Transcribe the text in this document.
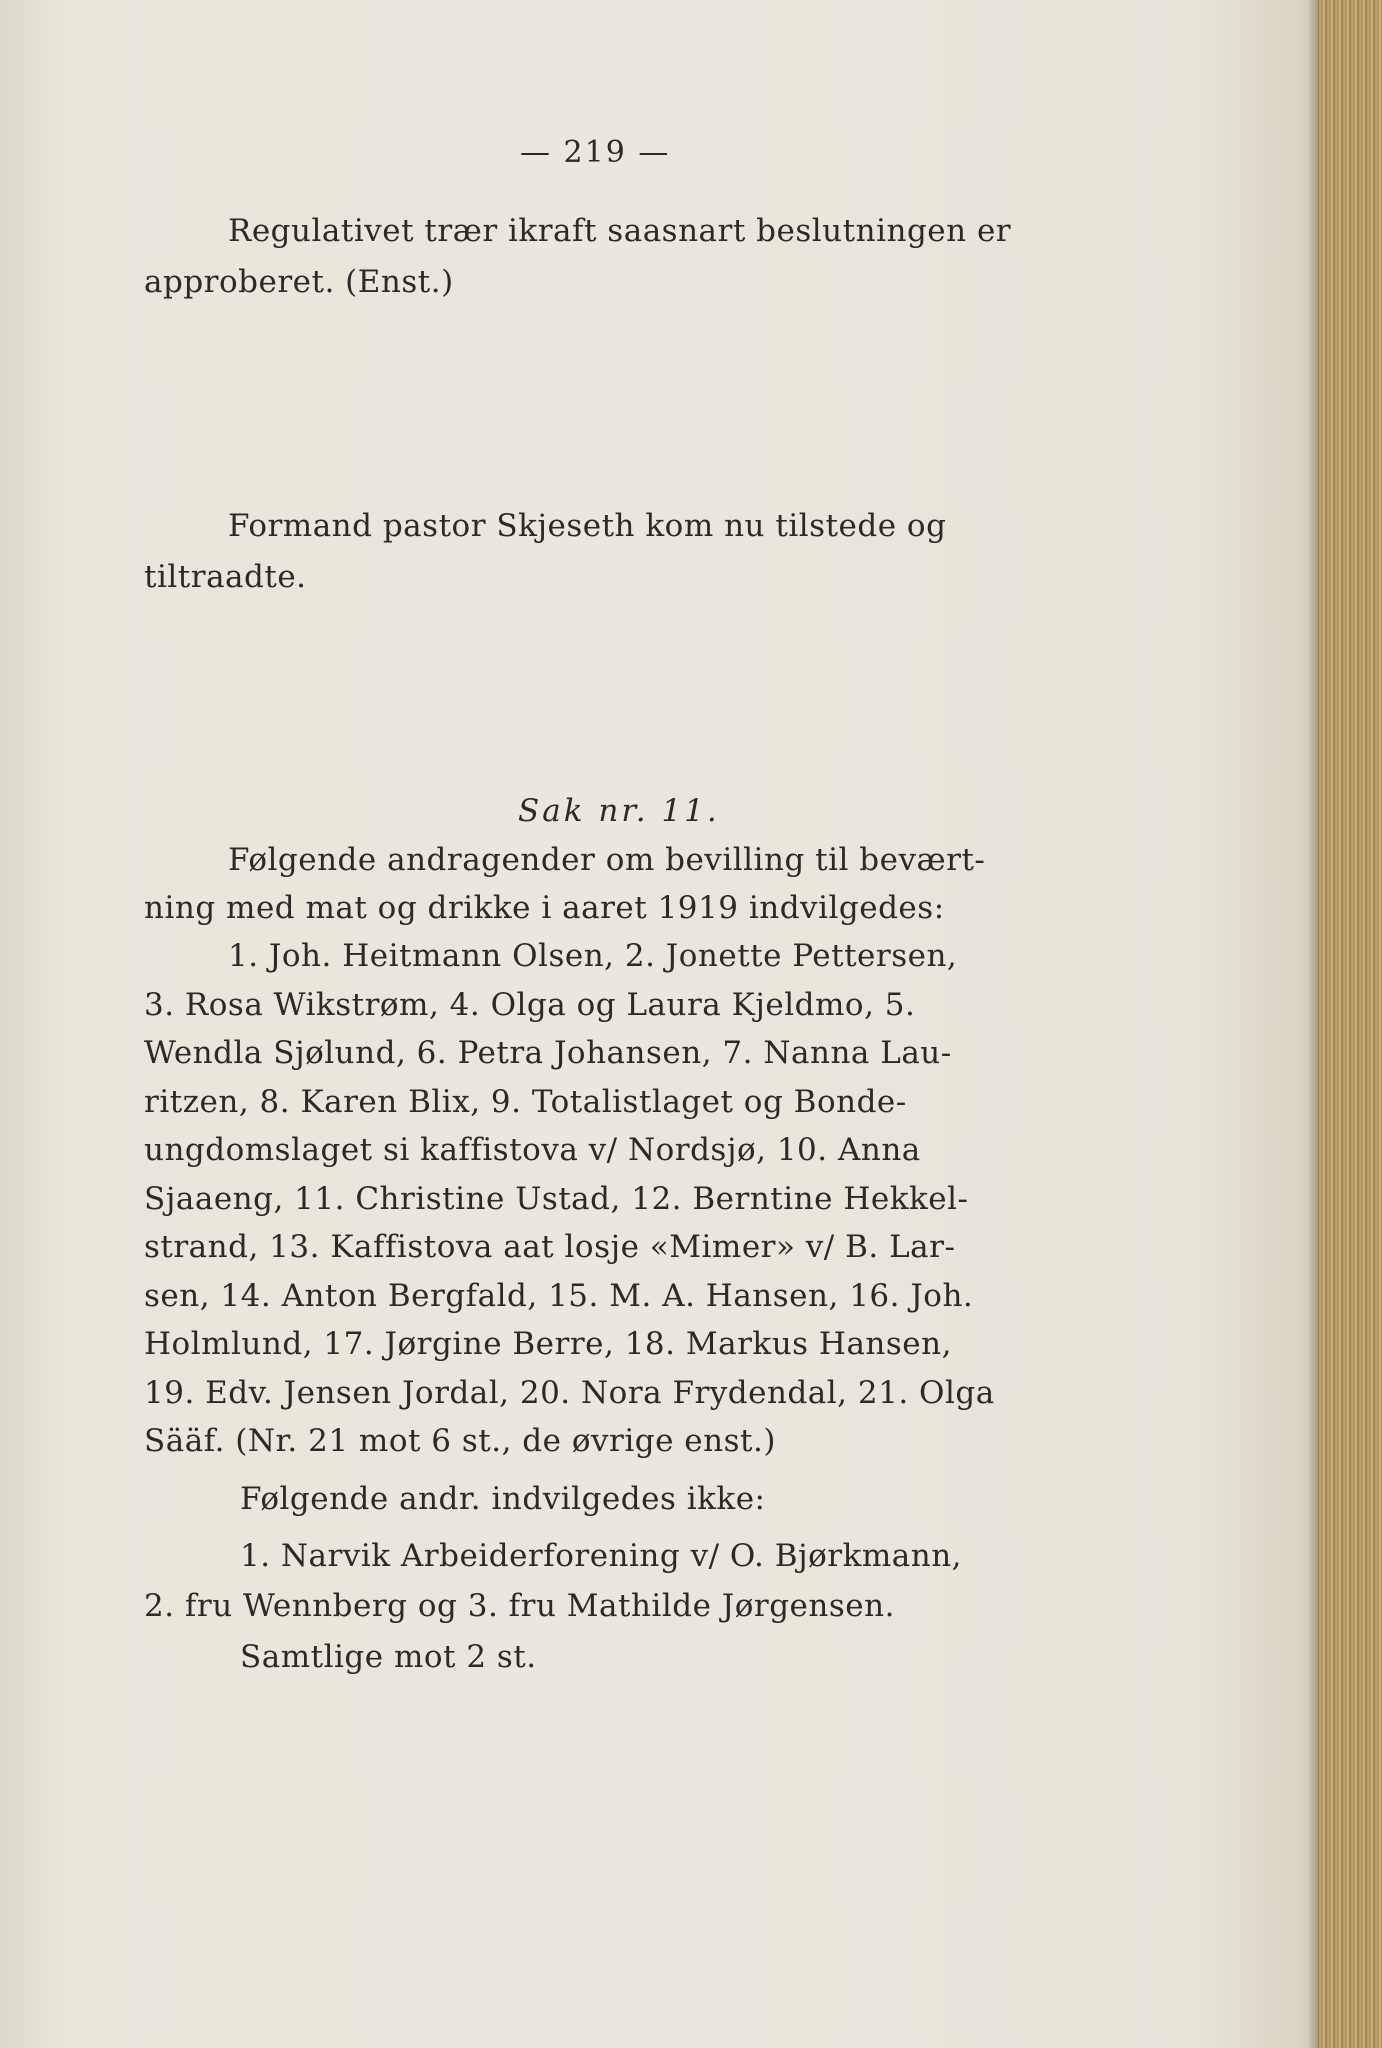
— 219 —

Regulativet trær ikraft saasnart beslutningen er

approberet. (Enst.)

Formand pastor Skjeseth kom nu tilstede og

tiltraadte.

Sak nr. 11.

Følgende andragender om bevilling til bevært-

ning med mat og drikke i aaret 1919 indvilgedes:

1. Joh. Heitmann Olsen, 2. Jonette Pettersen,

3. Rosa Wikstrøm, 4. Olga og Laura Kjeldmo, 5.

Wendla Sjølund, 6. Petra Johansen, 7. Nanna Lau-

ritzen, 8. Karen Blix, 9. Totalistlaget og Bonde-

ungdomslaget si kaffistova v/ Nordsjø, 10. Anna

Sjaaeng, 11. Christine Ustad, 12. Berntine Hekkel-

strand, 13. Kaffistova aat losje «Mimer» v/ B. Lar-

sen, 14. Anton Bergfald, 15. M. A. Hansen, 16. Joh.

Holmlund, 17. Jørgine Berre, 18. Markus Hansen,

19. Edv. Jensen Jordal, 20. Nora Frydendal, 21. Olga

Sääf. (Nr. 21 mot 6 st., de øvrige enst.)

Følgende andr. indvilgedes ikke:

1. Narvik Arbeiderforening v/ O. Bjørkmann,

2. fru Wennberg og 3. fru Mathilde Jørgensen.

Samtlige mot 2 st.
